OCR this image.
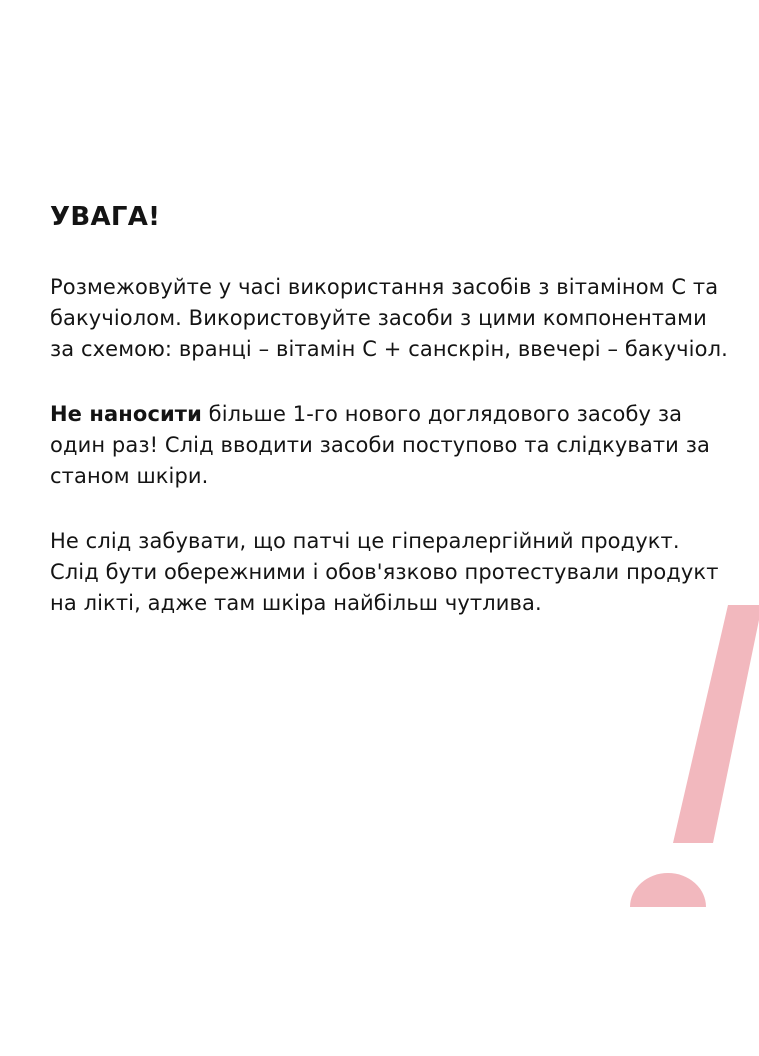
УВАГА!

Розмежовуйте у часі використання засобів з вітаміном С та бакучіолом. Використовуйте засоби з цими компонентами за схемою: вранці – вітамін С + санскрін, ввечері – бакучіол.

Не наносити більше 1-го нового доглядового засобу за один раз! Слід вводити засоби поступово та слідкувати за станом шкіри.

Не слід забувати, що патчі це гіпералергійний продукт. Слід бути обережними і обов'язково протестували продукт на лікті, адже там шкіра найбільш чутлива.
